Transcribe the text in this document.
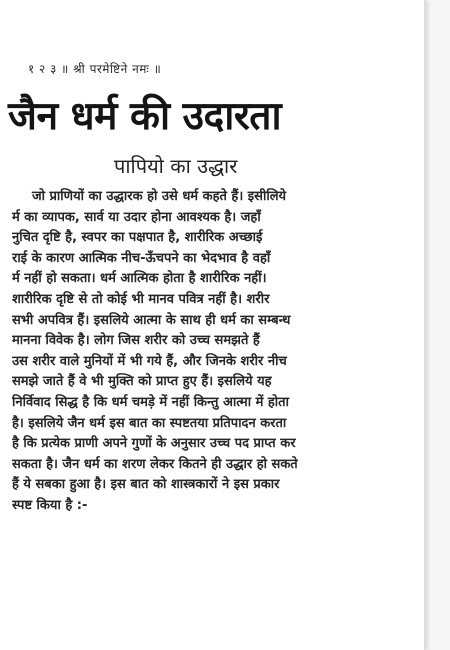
१ २ ३ ॥ श्री परमेष्टिने नमः ॥
जैन धर्म की उदारता
पापियो का उद्धार
जो प्राणियों का उद्धारक हो उसे धर्म कहते हैं। इसीलिये
र्म का व्यापक, सार्व या उदार होना आवश्यक है। जहाँ
नुचित दृष्टि है, स्वपर का पक्षपात है, शारीरिक अच्छाई
राई के कारण आत्मिक नीच-ऊँचपने का भेदभाव है वहाँ
र्म नहीं हो सकता। धर्म आत्मिक होता है शारीरिक नहीं।
शारीरिक दृष्टि से तो कोई भी मानव पवित्र नहीं है। शरीर
सभी अपवित्र हैं। इसलिये आत्मा के साथ ही धर्म का सम्बन्ध
मानना विवेक है। लोग जिस शरीर को उच्च समझते हैं
उस शरीर वाले मुनियों में भी गये हैं, और जिनके शरीर नीच
समझे जाते हैं वे भी मुक्ति को प्राप्त हुए हैं। इसलिये यह
निर्विवाद सिद्ध है कि धर्म चमड़े में नहीं किन्तु आत्मा में होता
है। इसलिये जैन धर्म इस बात का स्पष्टतया प्रतिपादन करता
है कि प्रत्येक प्राणी अपने गुणों के अनुसार उच्च पद प्राप्त कर
सकता है। जैन धर्म का शरण लेकर कितने ही उद्धार हो सकते
हैं ये सबका हुआ है। इस बात को शास्त्रकारों ने इस प्रकार
स्पष्ट किया है :-
